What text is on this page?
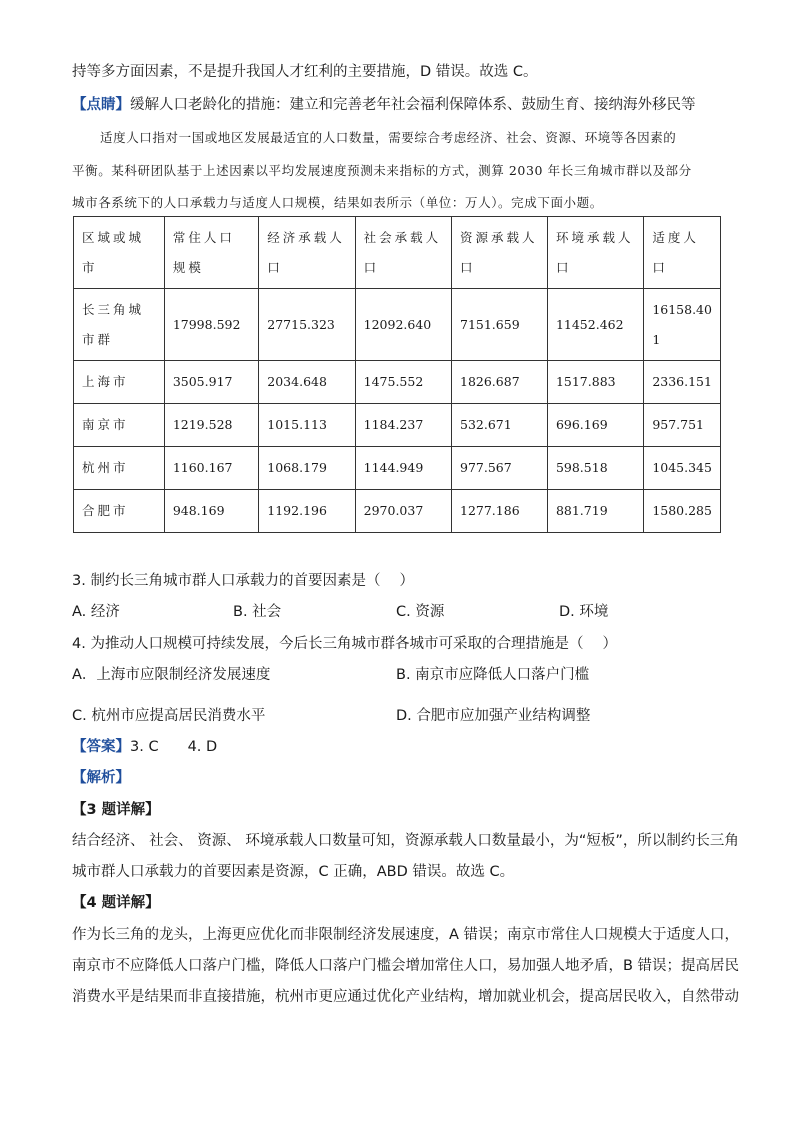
持等多方面因素，不是提升我国人才红利的主要措施，D 错误。故选 C。
【点睛】缓解人口老龄化的措施：建立和完善老年社会福利保障体系、鼓励生育、接纳海外移民等
适度人口指对一国或地区发展最适宜的人口数量，需要综合考虑经济、社会、资源、环境等各因素的
平衡。某科研团队基于上述因素以平均发展速度预测未来指标的方式，测算 2030 年长三角城市群以及部分
城市各系统下的人口承载力与适度人口规模，结果如表所示（单位：万人）。完成下面小题。
区域或城市	常住人口规模	经济承载人口	社会承载人口	资源承载人口	环境承载人口	适度人口
长三角城市群	17998.592	27715.323	12092.640	7151.659	11452.462	16158.401
上海市	3505.917	2034.648	1475.552	1826.687	1517.883	2336.151
南京市	1219.528	1015.113	1184.237	532.671	696.169	957.751
杭州市	1160.167	1068.179	1144.949	977.567	598.518	1045.345
合肥市	948.169	1192.196	2970.037	1277.186	881.719	1580.285
3. 制约长三角城市群人口承载力的首要因素是（　 ）
A. 经济	B. 社会	C. 资源	D. 环境
4. 为推动人口规模可持续发展，今后长三角城市群各城市可采取的合理措施是（　 ）
A．上海市应限制经济发展速度	B. 南京市应降低人口落户门槛
C. 杭州市应提高居民消费水平	D. 合肥市应加强产业结构调整
【答案】3. C　　4. D
【解析】
【3 题详解】
结合经济、 社会、 资源、 环境承载人口数量可知，资源承载人口数量最小，为“短板”，所以制约长三角
城市群人口承载力的首要因素是资源，C 正确，ABD 错误。故选 C。
【4 题详解】
作为长三角的龙头，上海更应优化而非限制经济发展速度，A 错误；南京市常住人口规模大于适度人口，
南京市不应降低人口落户门槛，降低人口落户门槛会增加常住人口，易加强人地矛盾，B 错误；提高居民
消费水平是结果而非直接措施，杭州市更应通过优化产业结构，增加就业机会，提高居民收入，自然带动
